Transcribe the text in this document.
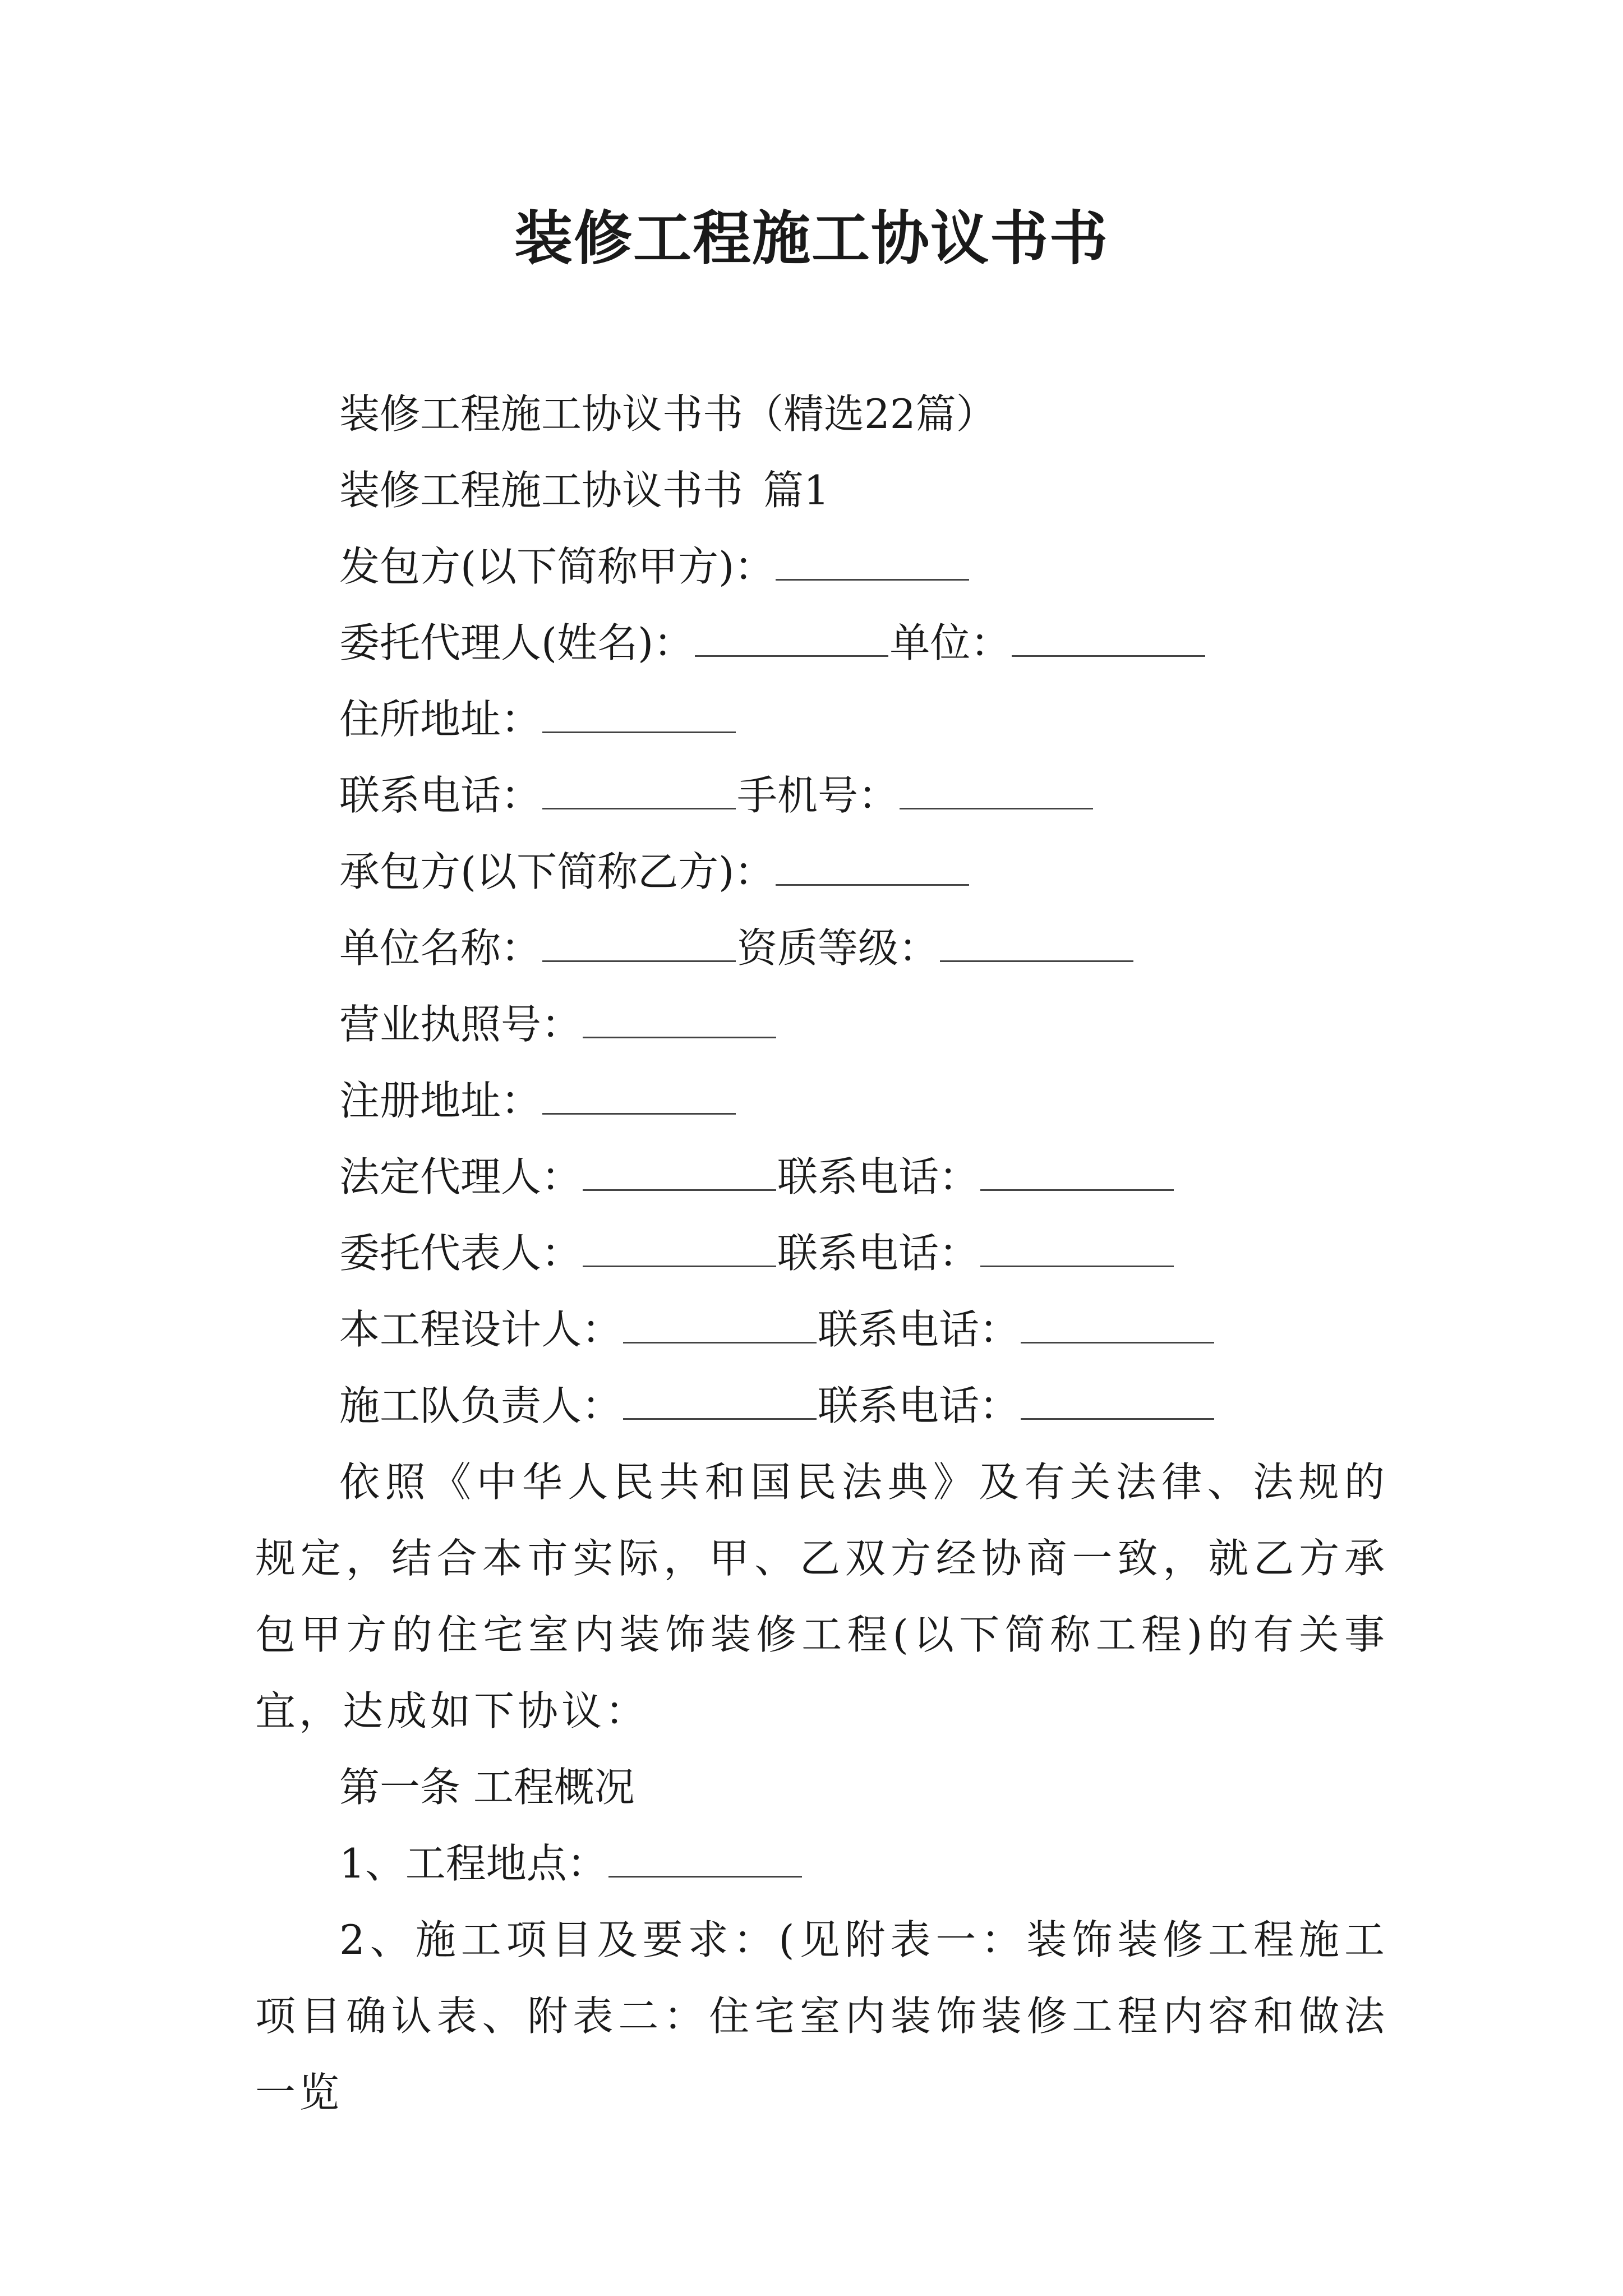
装修工程施工协议书书
装修工程施工协议书书（精选22篇）
装修工程施工协议书书 篇1
发包方(以下简称甲方)：
委托代理人(姓名)：	单位：
住所地址：
联系电话：	手机号：
承包方(以下简称乙方)：
单位名称：	资质等级：
营业执照号：
注册地址：
法定代理人：	联系电话：
委托代表人：	联系电话：
本工程设计人：	联系电话：
施工队负责人：	联系电话：
依照《中华人民共和国民法典》及有关法律、法规的规定，结合本市实际，甲、乙双方经协商一致，就乙方承包甲方的住宅室内装饰装修工程(以下简称工程)的有关事宜，达成如下协议：
第一条 工程概况
1、工程地点：
2、施工项目及要求：(见附表一：装饰装修工程施工项目确认表、附表二：住宅室内装饰装修工程内容和做法一览
